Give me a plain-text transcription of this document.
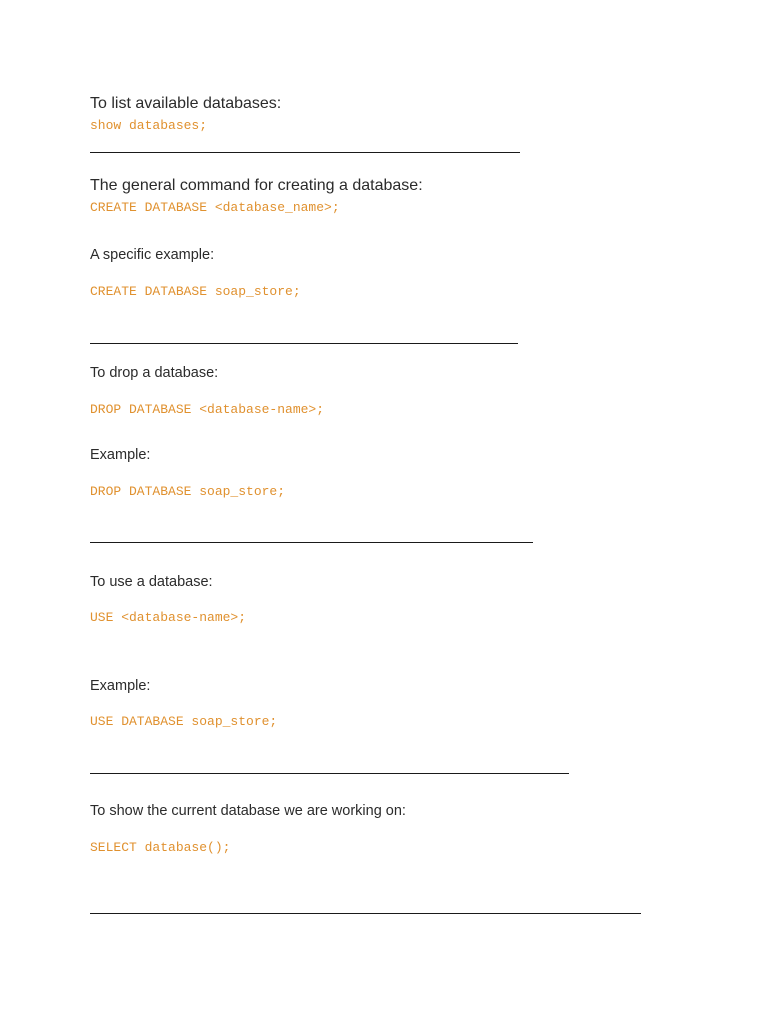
To list available databases:

show databases;

The general command for creating a database:

CREATE DATABASE <database_name>;

A specific example:

CREATE DATABASE soap_store;

To drop a database:

DROP DATABASE <database-name>;

Example:

DROP DATABASE soap_store;

To use a database:

USE <database-name>;

Example:

USE DATABASE soap_store;

To show the current database we are working on:

SELECT database();
